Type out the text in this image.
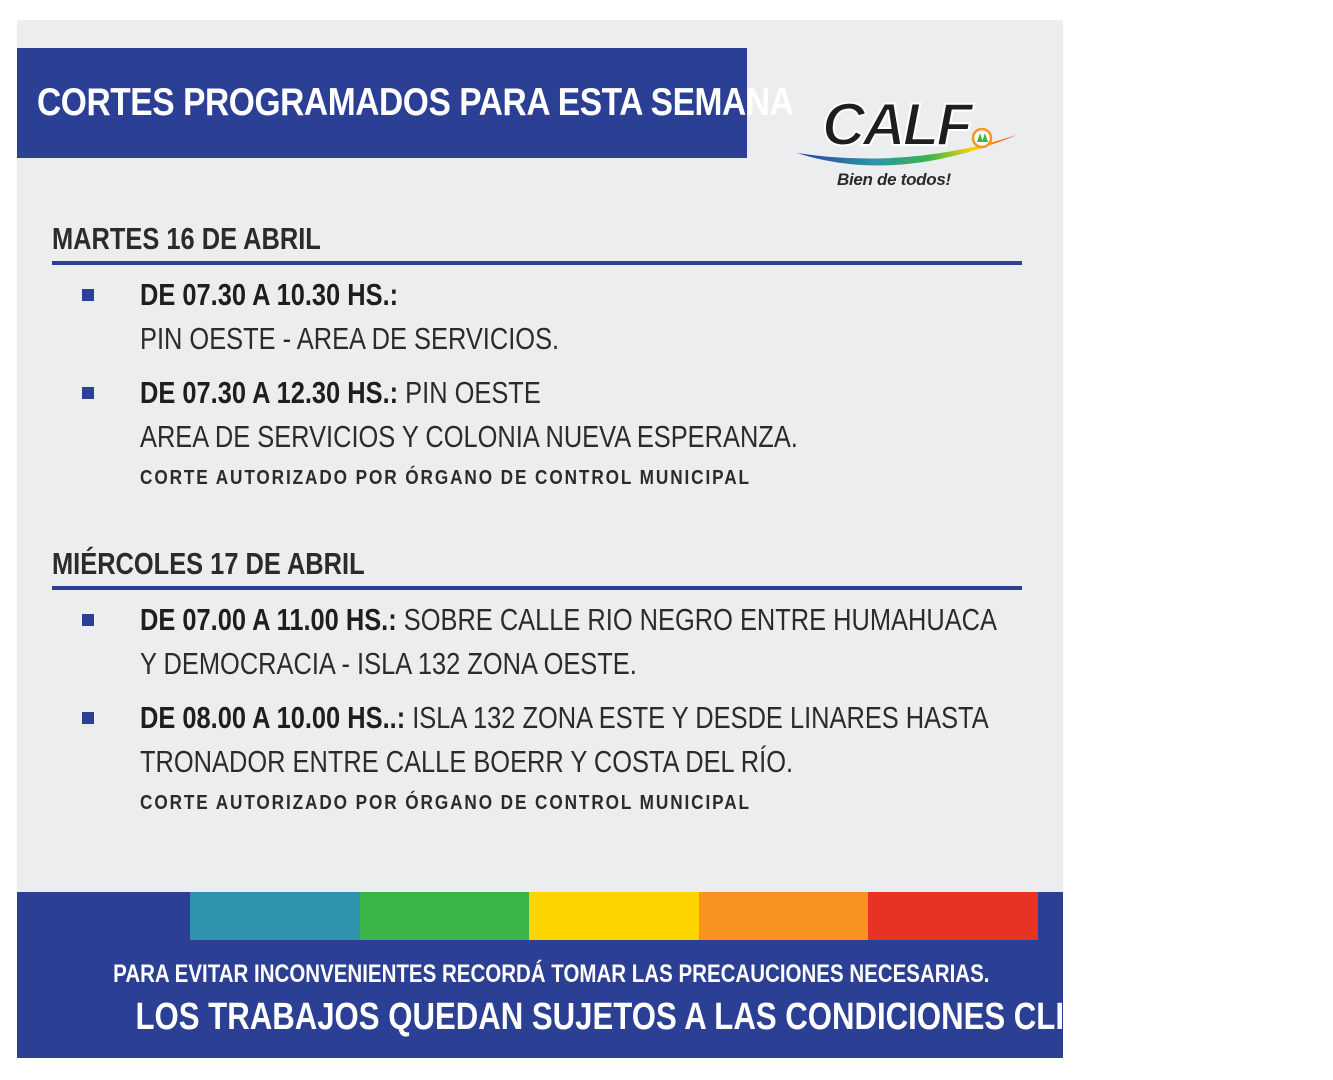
CORTES PROGRAMADOS PARA ESTA SEMANA CALF
Bien de todos!
MARTES 16 DE ABRIL
DE 07.30 A 10.30 HS.:
PIN OESTE - AREA DE SERVICIOS.
DE 07.30 A 12.30 HS.: PIN OESTE
AREA DE SERVICIOS Y COLONIA NUEVA ESPERANZA.
CORTE AUTORIZADO POR ÓRGANO DE CONTROL MUNICIPAL
MIÉRCOLES 17 DE ABRIL
DE 07.00 A 11.00 HS.: SOBRE CALLE RIO NEGRO ENTRE HUMAHUACA
Y DEMOCRACIA - ISLA 132 ZONA OESTE.
DE 08.00 A 10.00 HS..: ISLA 132 ZONA ESTE Y DESDE LINARES HASTA
TRONADOR ENTRE CALLE BOERR Y COSTA DEL RÍO.
CORTE AUTORIZADO POR ÓRGANO DE CONTROL MUNICIPAL
PARA EVITAR INCONVENIENTES RECORDÁ TOMAR LAS PRECAUCIONES NECESARIAS.
LOS TRABAJOS QUEDAN SUJETOS A LAS CONDICIONES CLIMÁTICAS.
